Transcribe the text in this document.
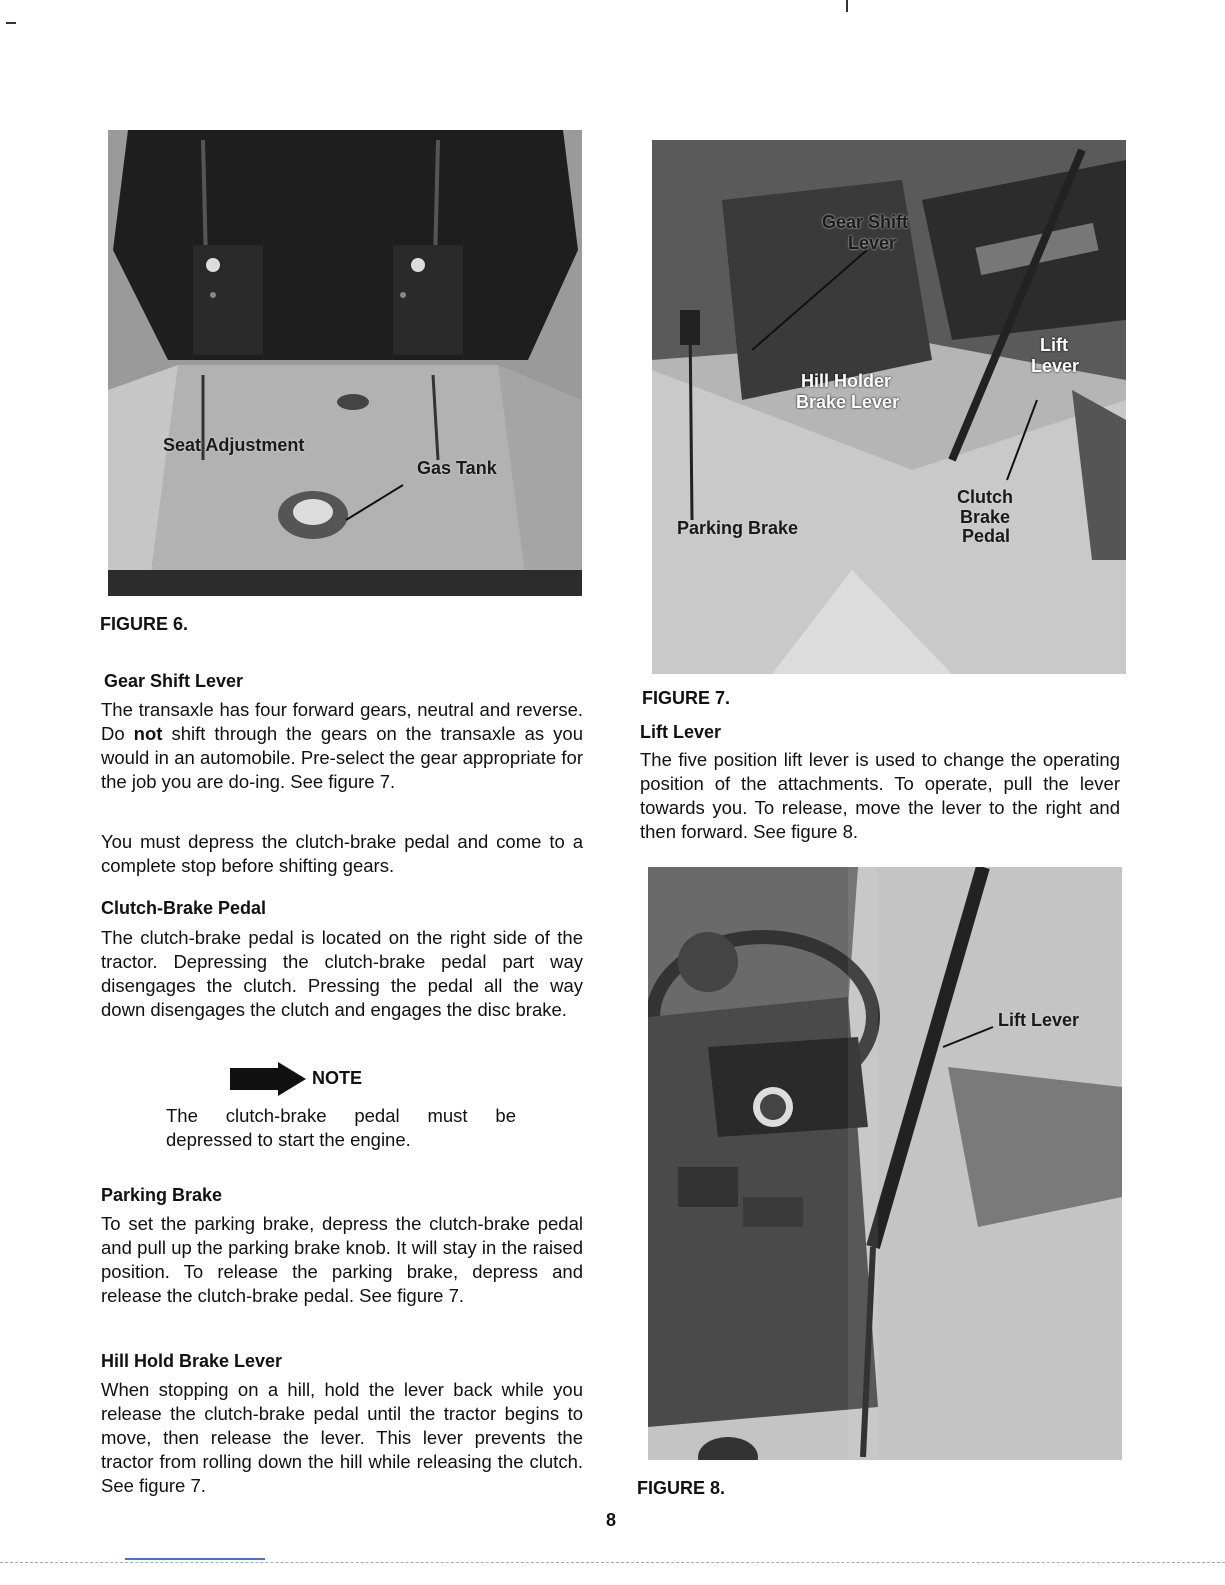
Seat Adjustment
Gas Tank
FIGURE 6.
Gear Shift
Lever
Lift
Lever
Hill Holder
Brake Lever
Parking Brake
Clutch
Brake
Pedal
FIGURE 7.
Lift Lever
The five position lift lever is used to change the operating position of the attachments. To operate, pull the lever towards you. To release, move the lever to the right and then forward. See figure 8.
Lift Lever
FIGURE 8.
Gear Shift Lever
The transaxle has four forward gears, neutral and reverse. Do not shift through the gears on the transaxle as you would in an automobile. Pre-select the gear appropriate for the job you are do-ing. See figure 7.
You must depress the clutch-brake pedal and come to a complete stop before shifting gears.
Clutch-Brake Pedal
The clutch-brake pedal is located on the right side of the tractor. Depressing the clutch-brake pedal part way disengages the clutch. Pressing the pedal all the way down disengages the clutch and engages the disc brake.
NOTE
The clutch-brake pedal must be depressed to start the engine.
Parking Brake
To set the parking brake, depress the clutch-brake pedal and pull up the parking brake knob. It will stay in the raised position. To release the parking brake, depress and release the clutch-brake pedal. See figure 7.
Hill Hold Brake Lever
When stopping on a hill, hold the lever back while you release the clutch-brake pedal until the tractor begins to move, then release the lever. This lever prevents the tractor from rolling down the hill while releasing the clutch. See figure 7.
8
